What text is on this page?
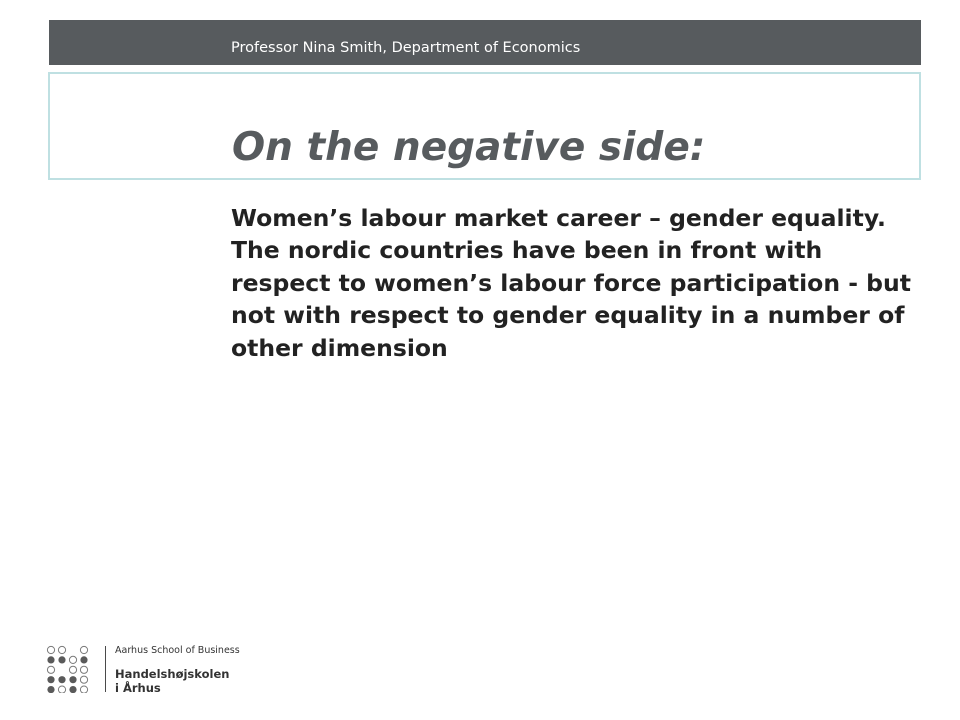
Professor Nina Smith, Department of Economics
On the negative side:

Women’s labour market career – gender equality. The nordic countries have been in front with respect to women’s labour force participation - but not with respect to gender equality in a number of other dimension

Aarhus School of Business
Handelshøjskolen
i Århus
